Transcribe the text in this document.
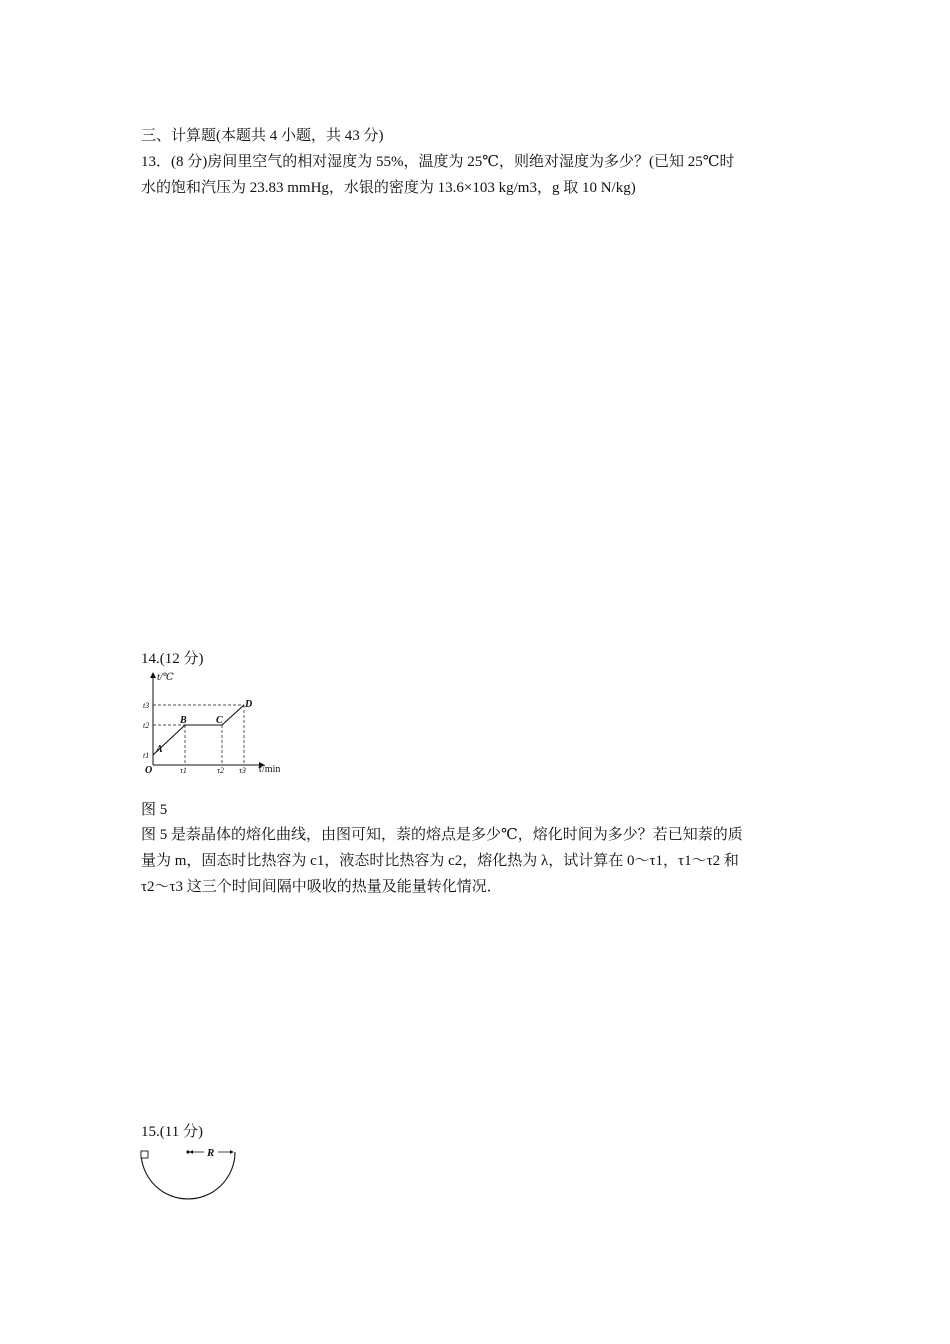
三、计算题(本题共 4 小题，共 43 分)
13．(8 分)房间里空气的相对湿度为 55%，温度为 25℃，则绝对湿度为多少？(已知 25℃时
水的饱和汽压为 23.83 mmHg，水银的密度为 13.6×103 kg/m3，g 取 10 N/kg)
14.(12 分)
t/℃
τ/min
O
t1
t2
t3
τ1	τ2 τ3
A
B	C
D
图 5
图 5 是萘晶体的熔化曲线，由图可知，萘的熔点是多少℃，熔化时间为多少？若已知萘的质
量为 m，固态时比热容为 c1，液态时比热容为 c2，熔化热为 λ，试计算在 0～τ1，τ1～τ2 和
τ2～τ3 这三个时间间隔中吸收的热量及能量转化情况．
15.(11 分)
R
